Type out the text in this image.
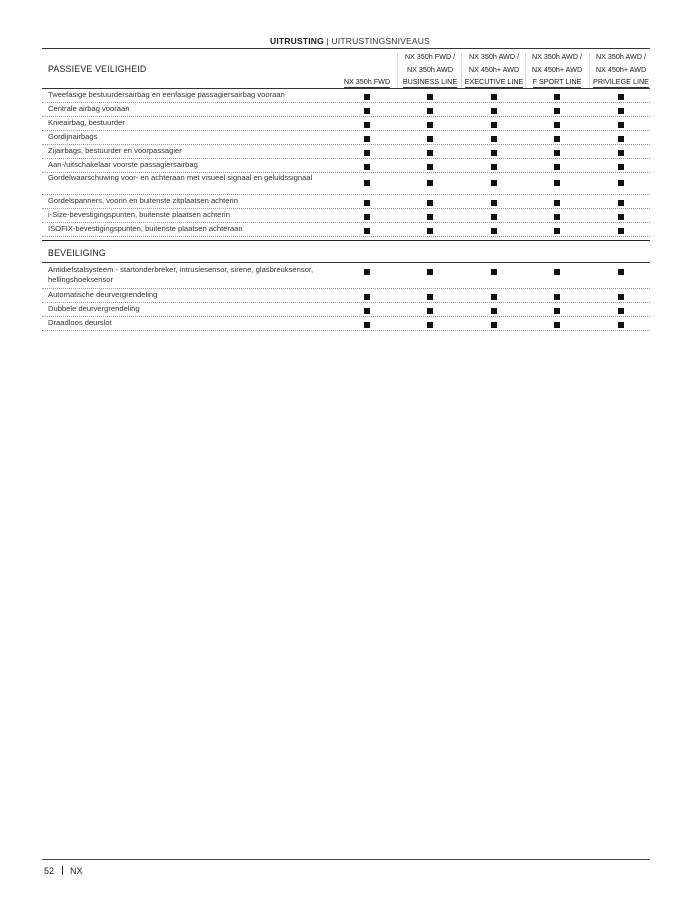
UITRUSTING | UITRUSTINGSNIVEAUS
NX 350h FWD
NX 350h FWD /
NX 350h AWD
BUSINESS LINE
NX 350h AWD /
NX 450h+ AWD
EXECUTIVE LINE
NX 350h AWD /
NX 450h+ AWD
F SPORT LINE
NX 350h AWD /
NX 450h+ AWD
PRIVILEGE LINE
PASSIEVE VEILIGHEID
Tweefasige bestuurdersairbag en eenfasige passagiersairbag vooraan
Centrale airbag vooraan
Knieairbag, bestuurder
Gordijnairbags
Zijairbags, bestuurder en voorpassagier
Aan-/uitschakelaar voorste passagiersairbag
Gordelwaarschuwing voor- en achteraan met visueel signaal en geluidssignaal
Gordelspanners, voorin en buitenste zitplaatsen achterin
i-Size-bevestigingspunten, buitenste plaatsen achterin
ISOFIX-bevestigingspunten, buitenste plaatsen achteraan
BEVEILIGING
Antidiefstalsysteem - startonderbreker, intrusiesensor, sirene, glasbreuksensor, hellingshoeksensor
Automatische deurvergrendeling
Dubbele deurvergrendeling
Draadloos deurslot
52 NX
